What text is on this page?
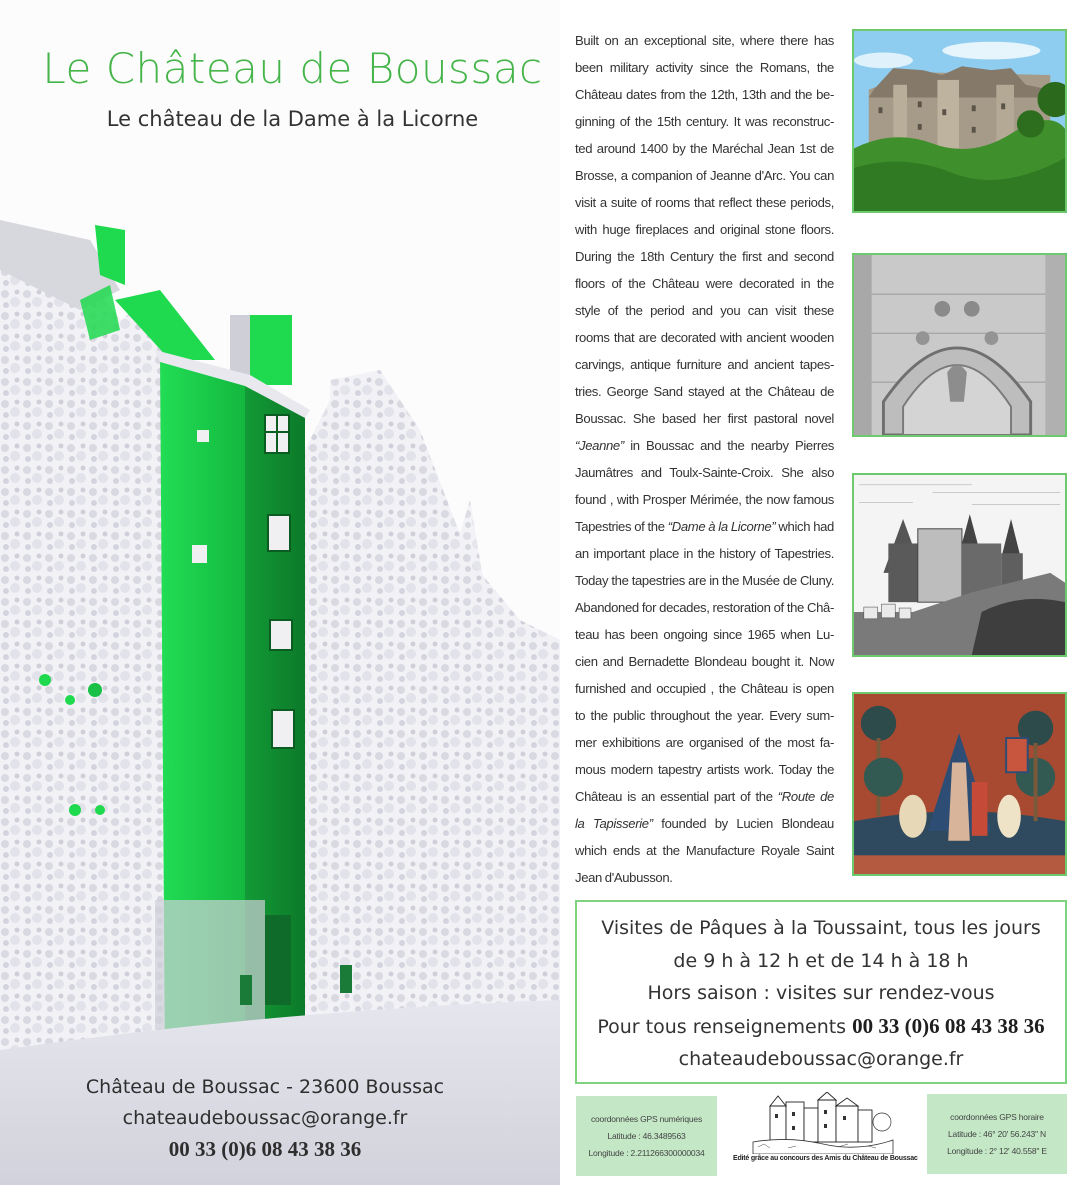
Le Château de Boussac
Le château de la Dame à la Licorne
Château de Boussac - 23600 Boussac
chateaudeboussac@orange.fr
00 33 (0)6 08 43 38 36
Built on an exceptional site, where there has
been military activity since the Romans, the
Château dates from the 12th, 13th and the be-
ginning of the 15th century. It was reconstruc-
ted around 1400 by the Maréchal Jean 1st de
Brosse, a companion of Jeanne d'Arc. You can
visit a suite of rooms that reflect these periods,
with huge fireplaces and original stone floors.
During the 18th Century the first and second
floors of the Château were decorated in the
style of the period and you can visit these
rooms that are decorated with ancient wooden
carvings, antique furniture and ancient tapes-
tries. George Sand stayed at the Château de
Boussac. She based her first pastoral novel
“Jeanne” in Boussac and the nearby Pierres
Jaumâtres and Toulx-Sainte-Croix. She also
found , with Prosper Mérimée, the now famous
Tapestries of the “Dame à la Licorne” which had
an important place in the history of Tapestries.
Today the tapestries are in the Musée de Cluny.
Abandoned for decades, restoration of the Châ-
teau has been ongoing since 1965 when Lu-
cien and Bernadette Blondeau bought it. Now
furnished and occupied , the Château is open
to the public throughout the year. Every sum-
mer exhibitions are organised of the most fa-
mous modern tapestry artists work. Today the
Château is an essential part of the “Route de
la Tapisserie” founded by Lucien Blondeau
which ends at the Manufacture Royale Saint
Jean d'Aubusson.
Visites de Pâques à la Toussaint, tous les jours
de 9 h à 12 h et de 14 h à 18 h
Hors saison : visites sur rendez-vous
Pour tous renseignements 00 33 (0)6 08 43 38 36
chateaudeboussac@orange.fr
coordonnées GPS numériques
Latitude : 46.3489563
Longitude : 2.211266300000034
Edité grâce au concours des Amis du Château de Boussac
coordonnées GPS horaire
Latitude : 46° 20' 56.243'' N
Longitude : 2° 12' 40.558'' E
